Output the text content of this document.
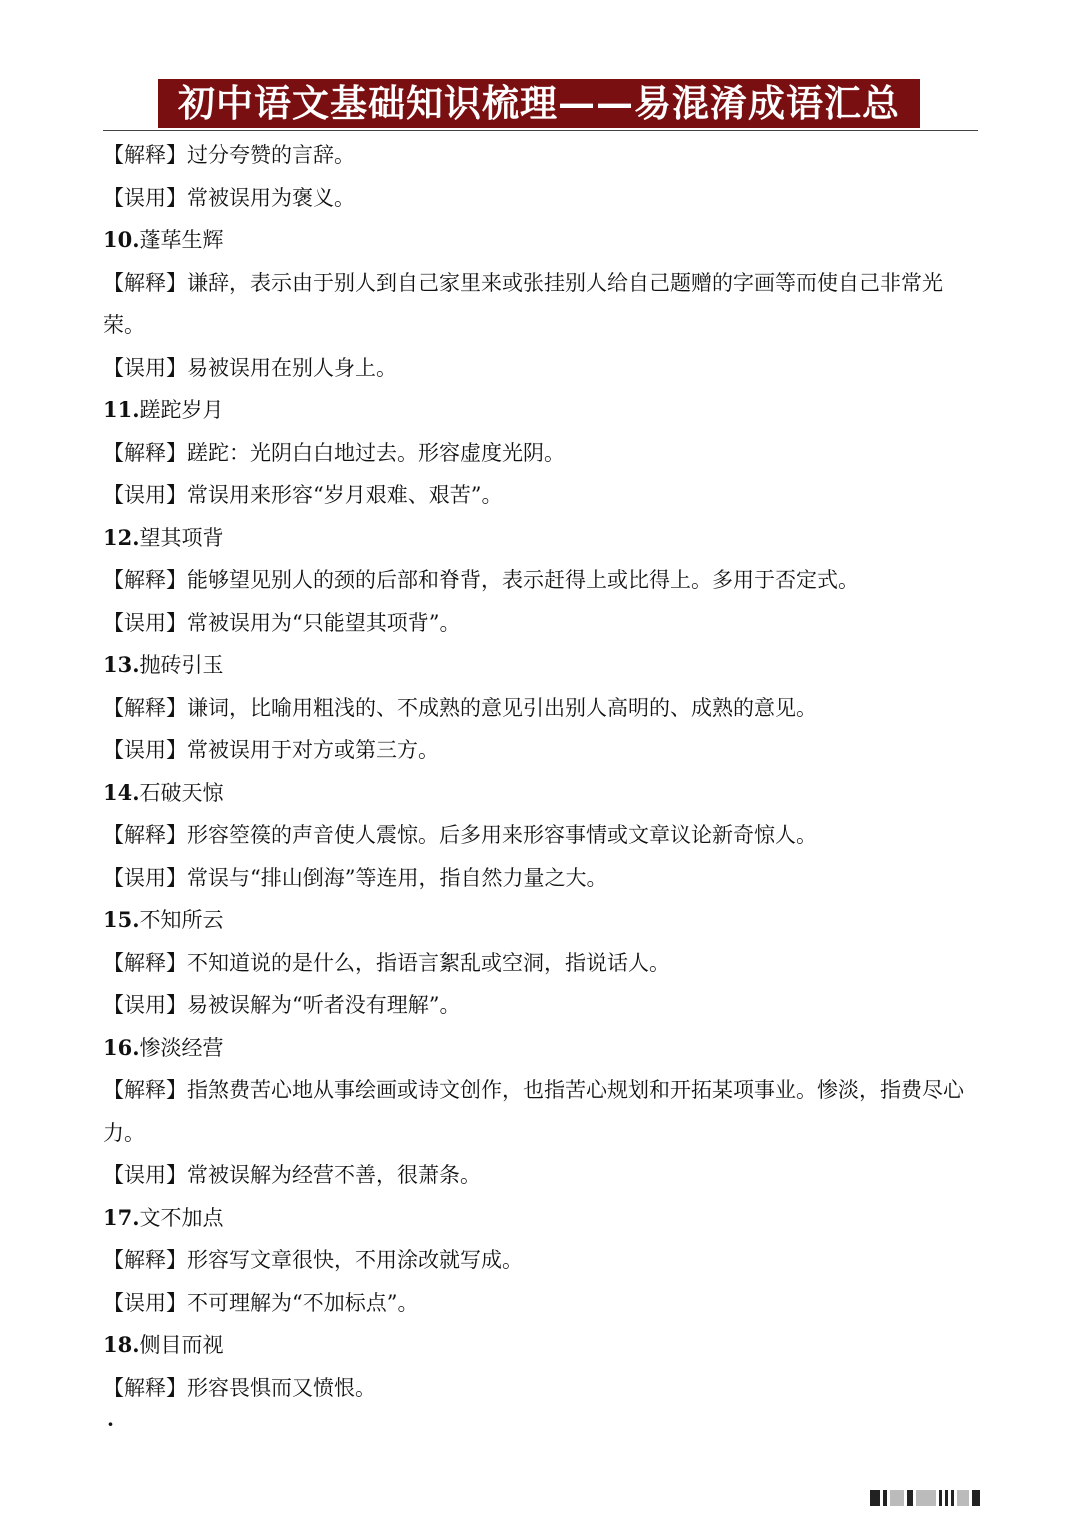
初中语文基础知识梳理——易混淆成语汇总
【解释】过分夸赞的言辞。
【误用】常被误用为褒义。
10.蓬荜生辉
【解释】谦辞，表示由于别人到自己家里来或张挂别人给自己题赠的字画等而使自己非常光荣。
【误用】易被误用在别人身上。
11.蹉跎岁月
【解释】蹉跎：光阴白白地过去。形容虚度光阴。
【误用】常误用来形容“岁月艰难、艰苦”。
12.望其项背
【解释】能够望见别人的颈的后部和脊背，表示赶得上或比得上。多用于否定式。
【误用】常被误用为“只能望其项背”。
13.抛砖引玉
【解释】谦词，比喻用粗浅的、不成熟的意见引出别人高明的、成熟的意见。
【误用】常被误用于对方或第三方。
14.石破天惊
【解释】形容箜篌的声音使人震惊。后多用来形容事情或文章议论新奇惊人。
【误用】常误与“排山倒海”等连用，指自然力量之大。
15.不知所云
【解释】不知道说的是什么，指语言絮乱或空洞，指说话人。
【误用】易被误解为“听者没有理解”。
16.惨淡经营
【解释】指煞费苦心地从事绘画或诗文创作，也指苦心规划和开拓某项事业。惨淡，指费尽心力。
【误用】常被误解为经营不善，很萧条。
17.文不加点
【解释】形容写文章很快，不用涂改就写成。
【误用】不可理解为“不加标点”。
18.侧目而视
【解释】形容畏惧而又愤恨。
·
